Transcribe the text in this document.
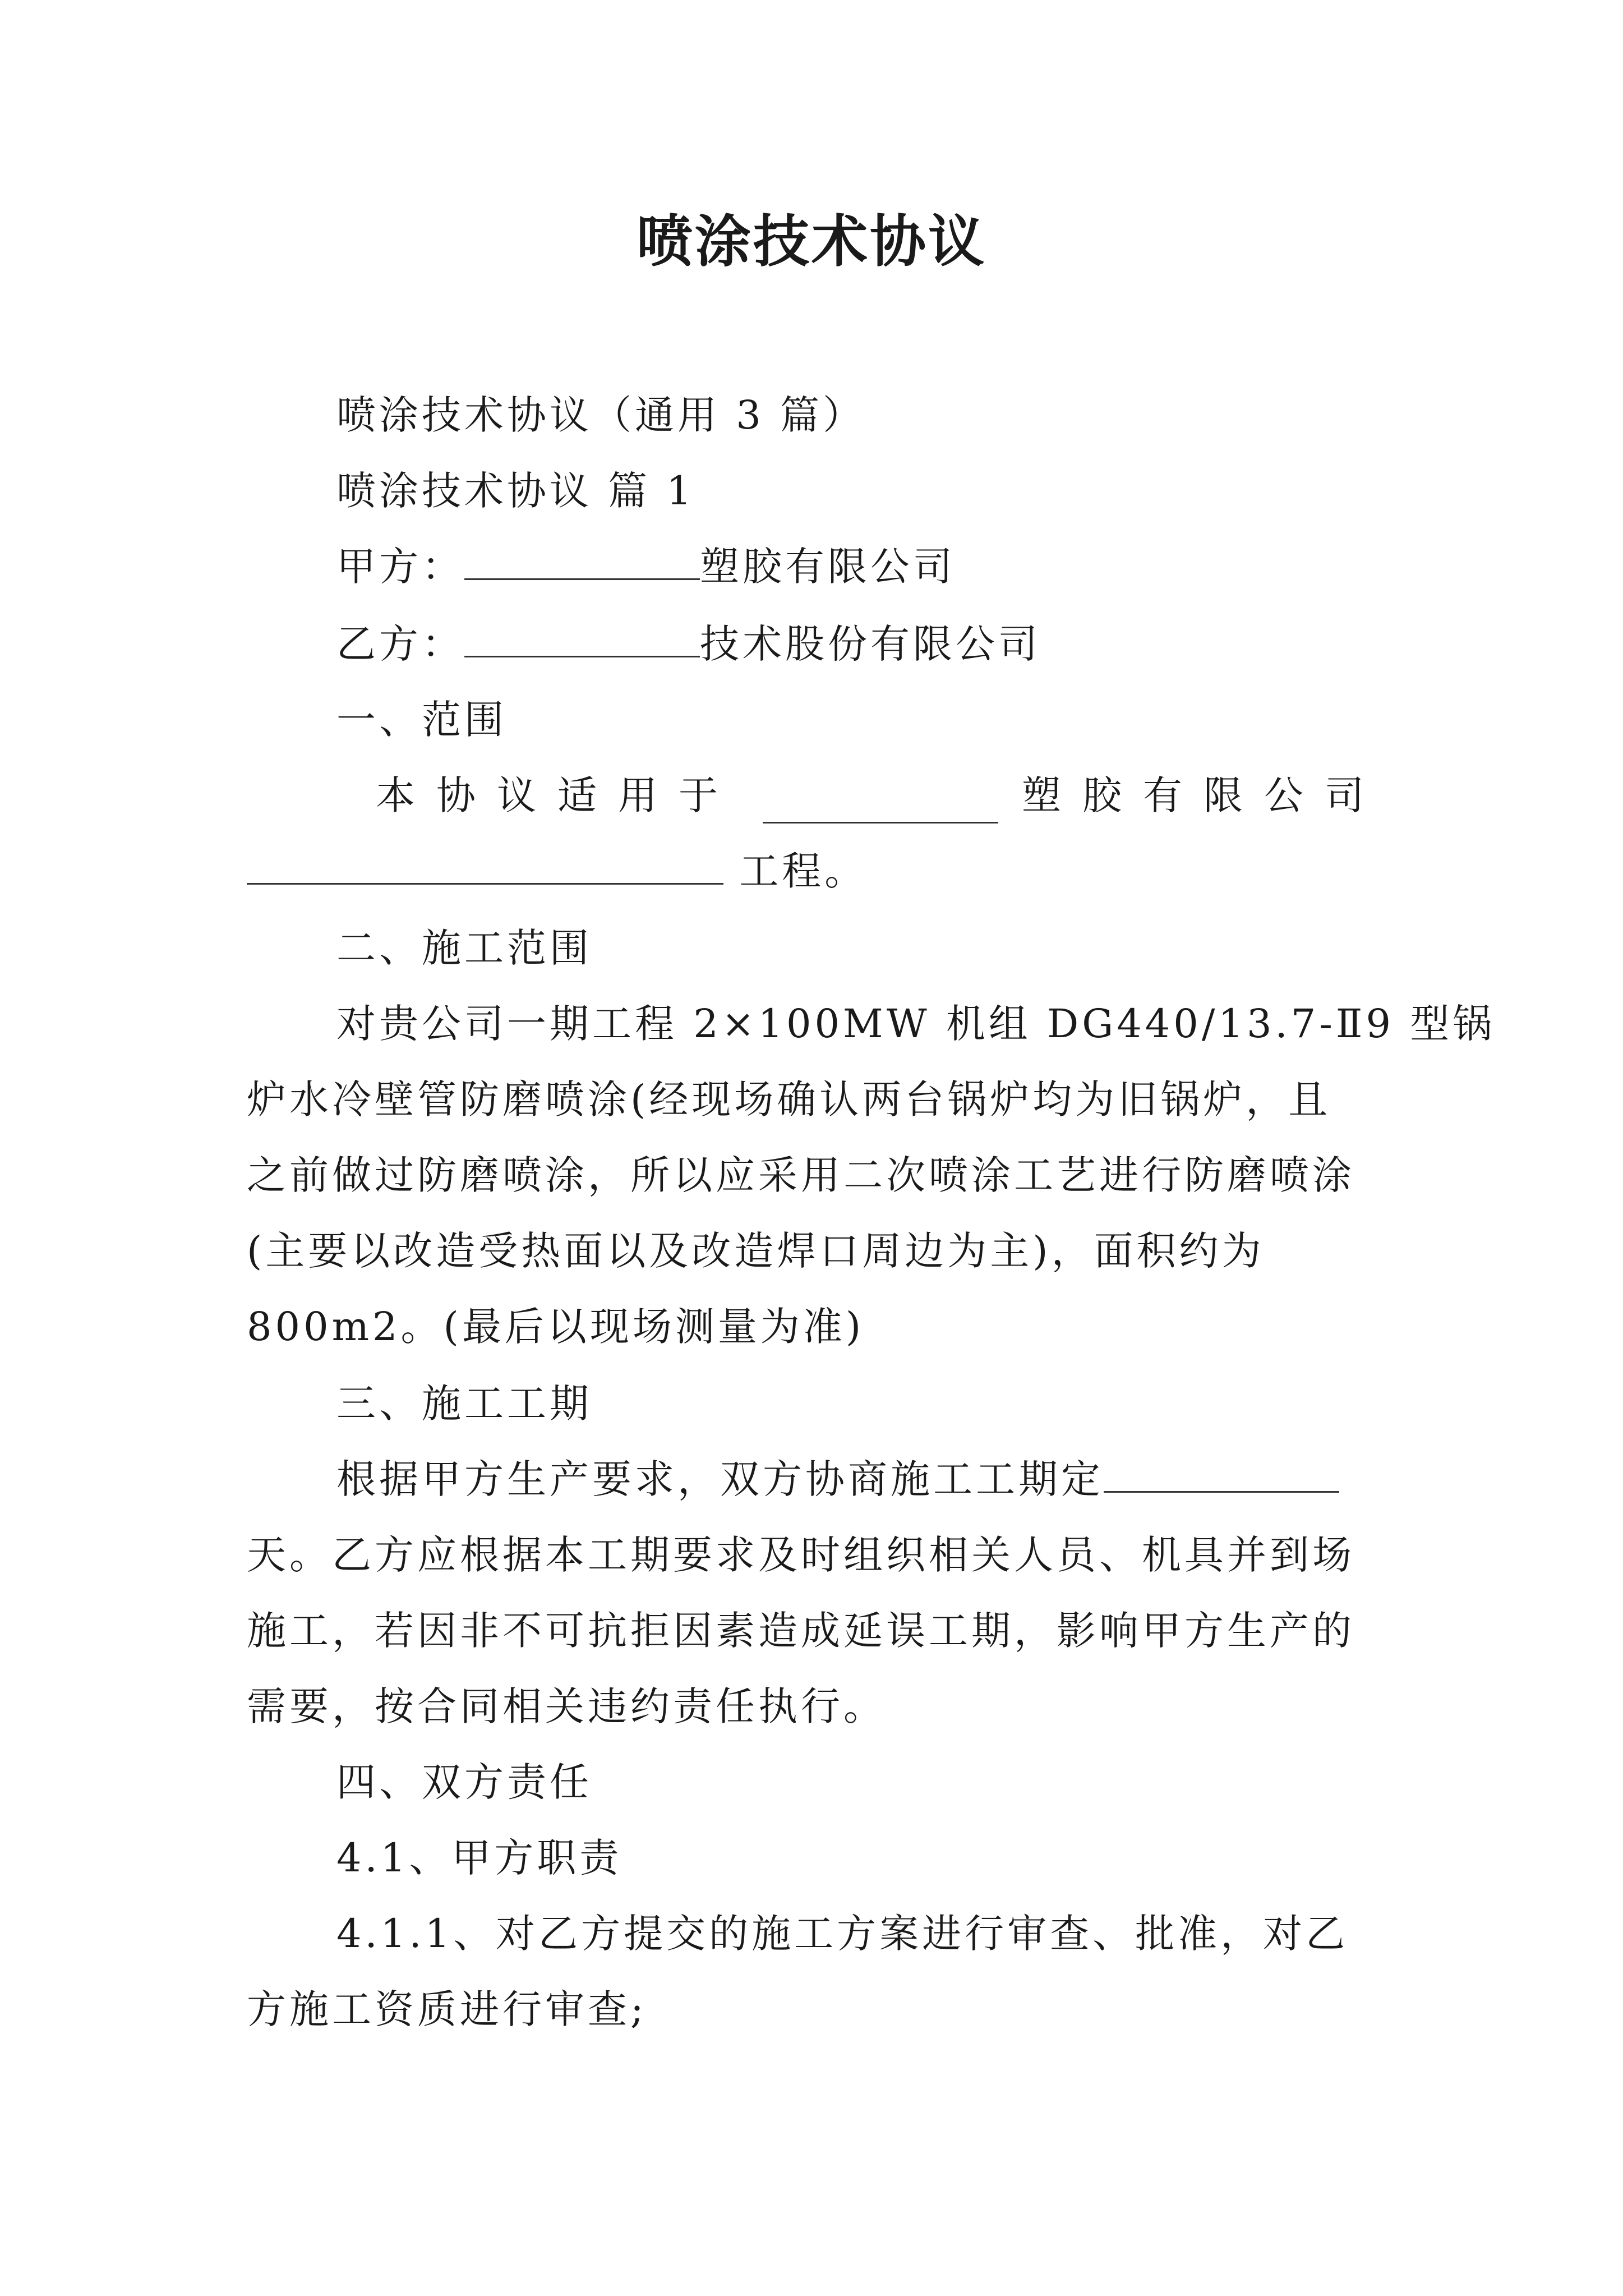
喷涂技术协议
喷涂技术协议（通用 3 篇）
喷涂技术协议 篇 1
甲方：	塑胶有限公司
乙方：	技术股份有限公司
一、范围
本协议适用于	塑胶有限公司
工程。
二、施工范围
对贵公司一期工程 2×100MW 机组 DG440/13.7-Ⅱ9 型锅
炉水冷壁管防磨喷涂(经现场确认两台锅炉均为旧锅炉，且
之前做过防磨喷涂，所以应采用二次喷涂工艺进行防磨喷涂
(主要以改造受热面以及改造焊口周边为主)，面积约为
800m2。(最后以现场测量为准)
三、施工工期
根据甲方生产要求，双方协商施工工期定
天。乙方应根据本工期要求及时组织相关人员、机具并到场
施工，若因非不可抗拒因素造成延误工期，影响甲方生产的
需要，按合同相关违约责任执行。
四、双方责任
4.1、甲方职责
4.1.1、对乙方提交的施工方案进行审查、批准，对乙
方施工资质进行审查;
